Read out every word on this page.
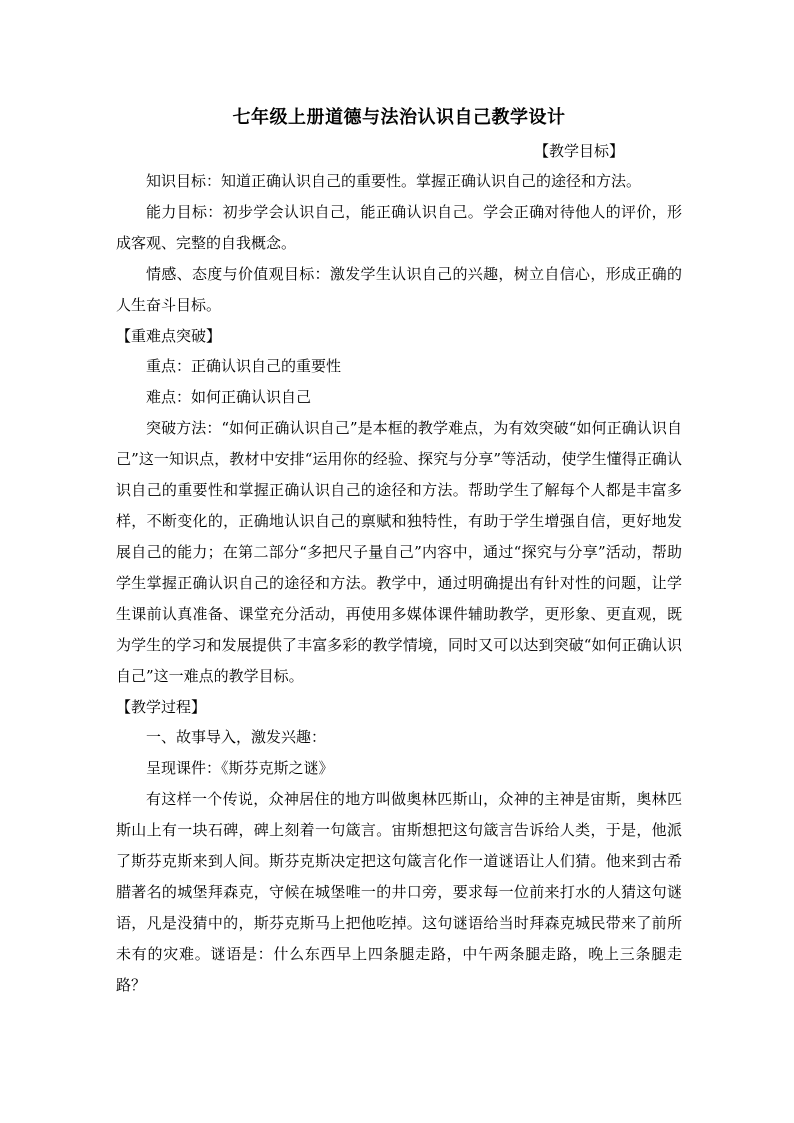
七年级上册道德与法治认识自己教学设计

【教学目标】

知识目标：知道正确认识自己的重要性。掌握正确认识自己的途径和方法。

能力目标：初步学会认识自己，能正确认识自己。学会正确对待他人的评价，形成客观、完整的自我概念。

情感、态度与价值观目标：激发学生认识自己的兴趣，树立自信心，形成正确的人生奋斗目标。

【重难点突破】

重点：正确认识自己的重要性

难点：如何正确认识自己

突破方法：“如何正确认识自己”是本框的教学难点，为有效突破“如何正确认识自己”这一知识点，教材中安排“运用你的经验、探究与分享”等活动，使学生懂得正确认识自己的重要性和掌握正确认识自己的途径和方法。帮助学生了解每个人都是丰富多样，不断变化的，正确地认识自己的禀赋和独特性，有助于学生增强自信，更好地发展自己的能力；在第二部分“多把尺子量自己”内容中，通过“探究与分享”活动，帮助学生掌握正确认识自己的途径和方法。教学中，通过明确提出有针对性的问题，让学生课前认真准备、课堂充分活动，再使用多媒体课件辅助教学，更形象、更直观，既为学生的学习和发展提供了丰富多彩的教学情境，同时又可以达到突破“如何正确认识自己”这一难点的教学目标。

【教学过程】

一、故事导入，激发兴趣：

呈现课件：《斯芬克斯之谜》

有这样一个传说，众神居住的地方叫做奥林匹斯山，众神的主神是宙斯，奥林匹斯山上有一块石碑，碑上刻着一句箴言。宙斯想把这句箴言告诉给人类，于是，他派了斯芬克斯来到人间。斯芬克斯决定把这句箴言化作一道谜语让人们猜。他来到古希腊著名的城堡拜森克，守候在城堡唯一的井口旁，要求每一位前来打水的人猜这句谜语，凡是没猜中的，斯芬克斯马上把他吃掉。这句谜语给当时拜森克城民带来了前所未有的灾难。谜语是：什么东西早上四条腿走路，中午两条腿走路，晚上三条腿走路？
